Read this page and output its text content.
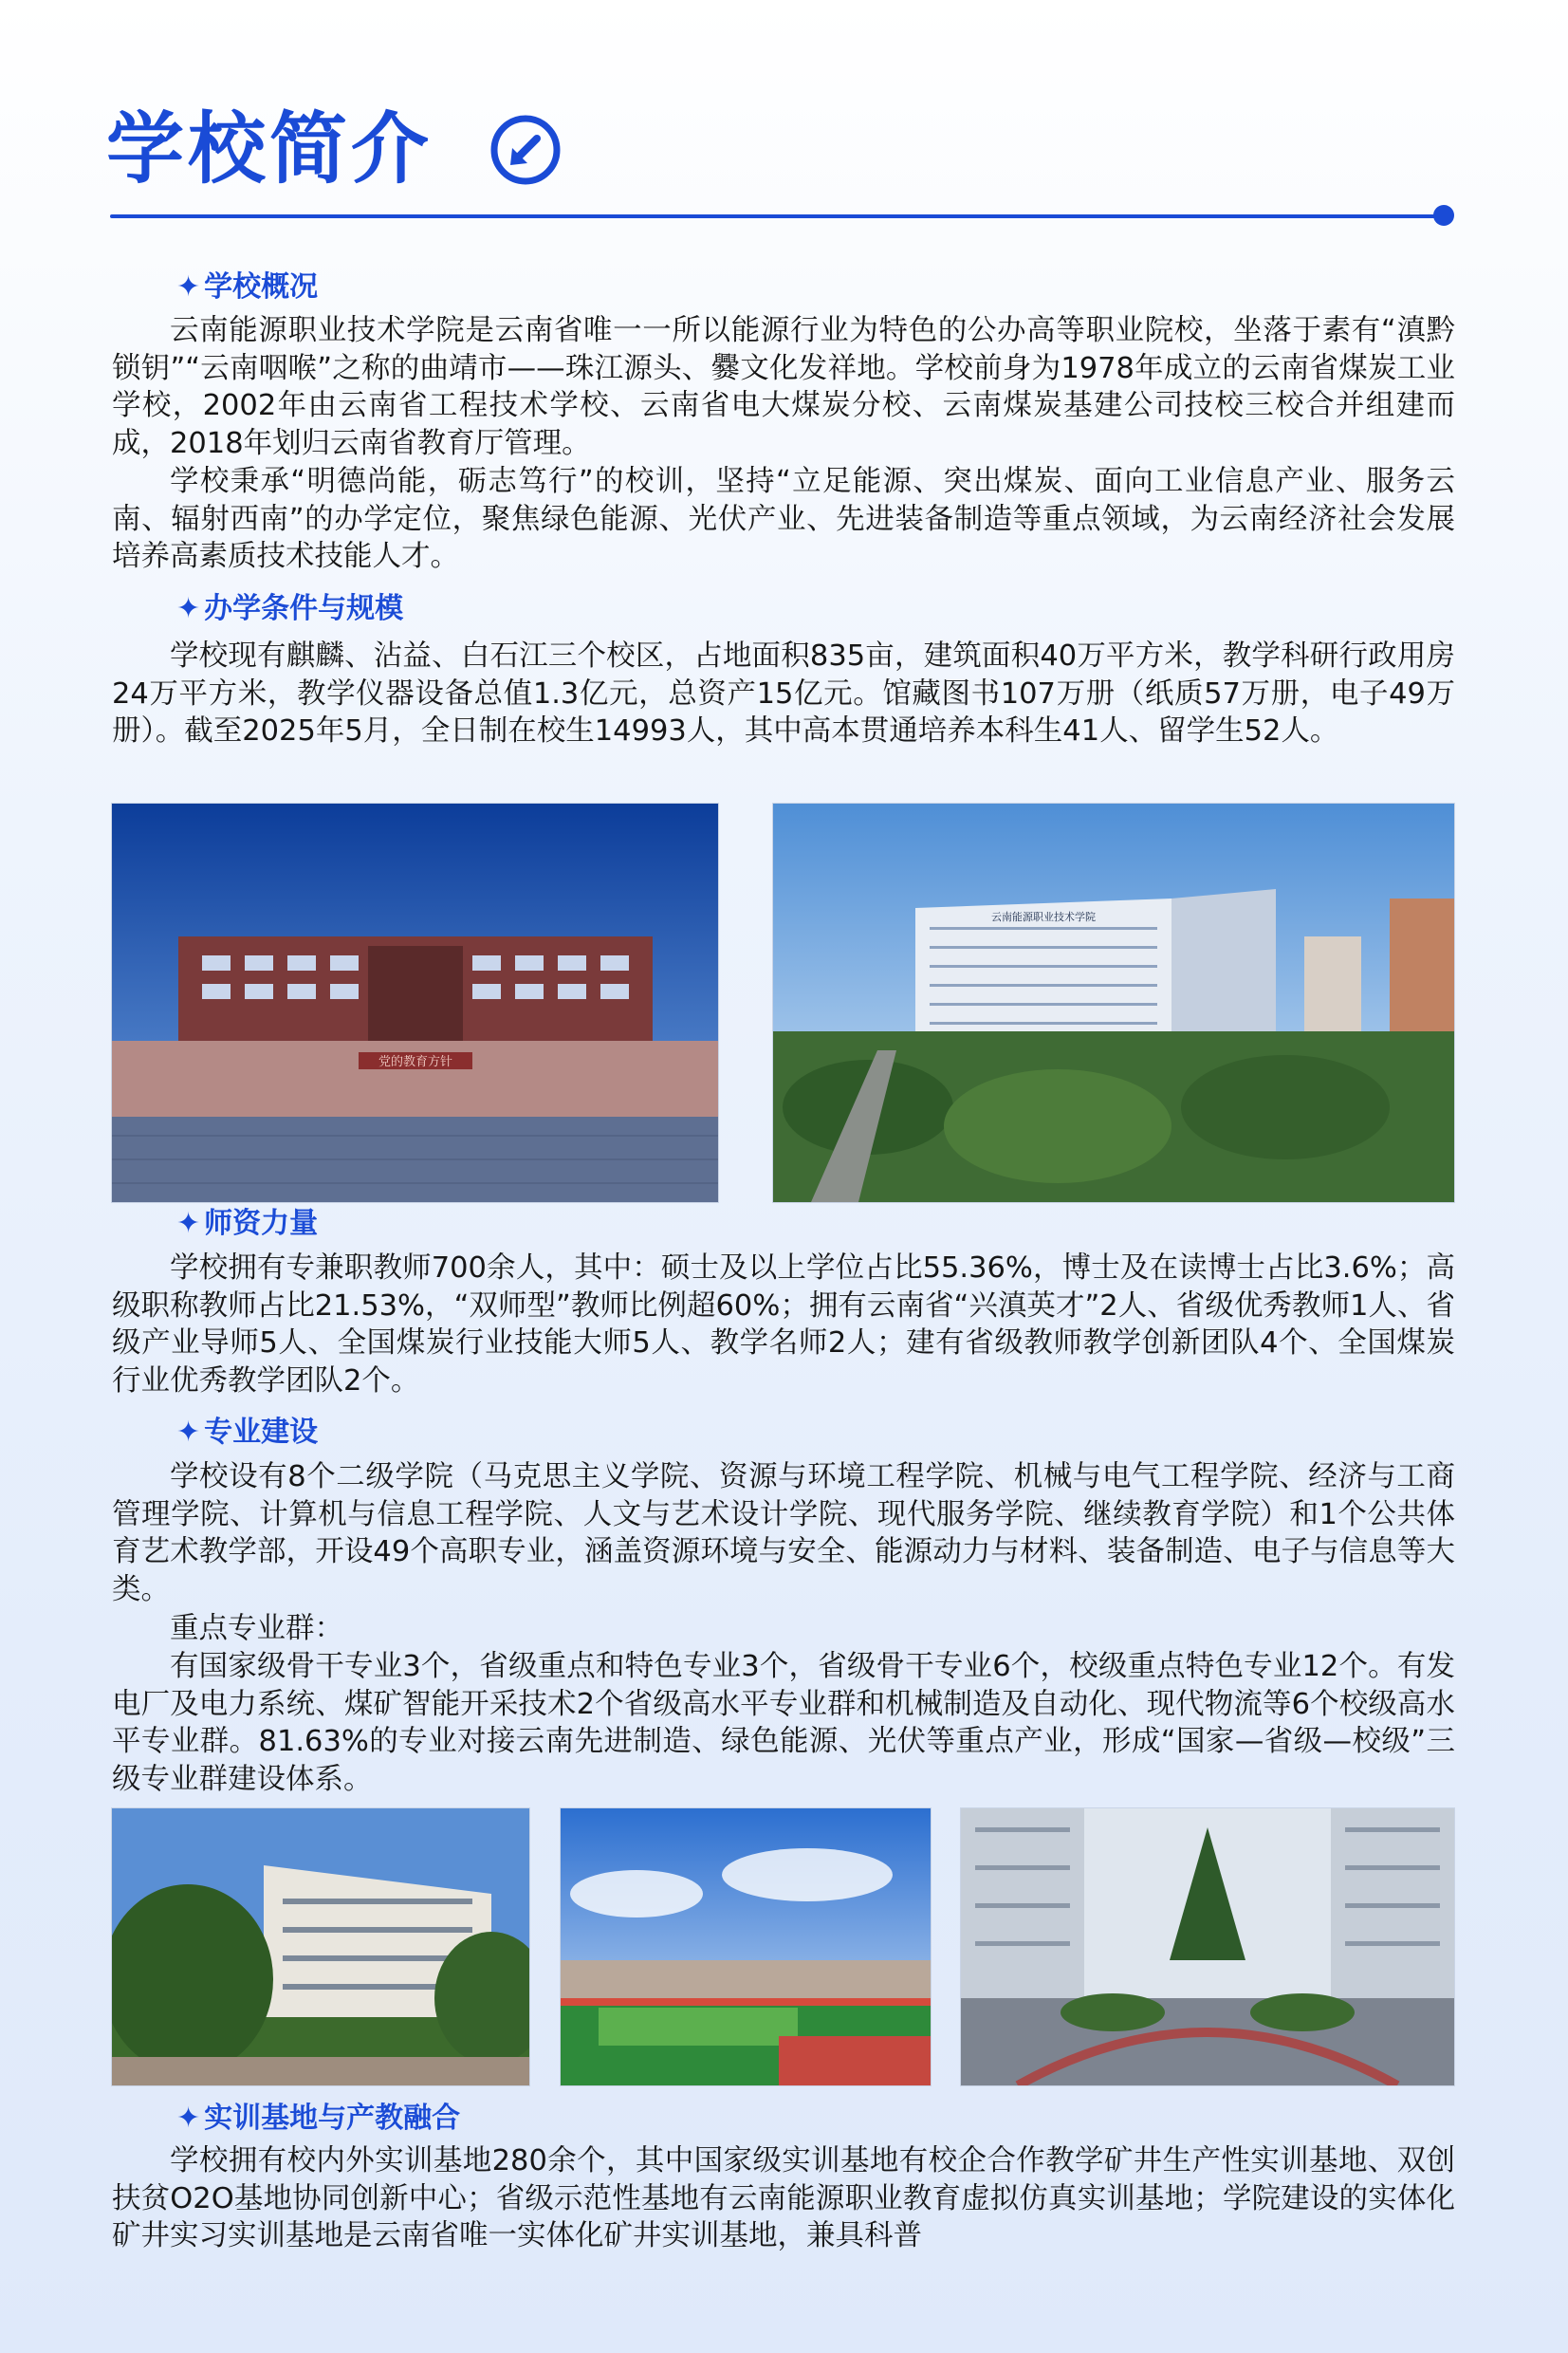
学校简介
✦ 学校概况

云南能源职业技术学院是云南省唯一一所以能源行业为特色的公办高等职业院校，坐落于素有“滇黔锁钥”“云南咽喉”之称的曲靖市——珠江源头、爨文化发祥地。学校前身为1978年成立的云南省煤炭工业学校，2002年由云南省工程技术学校、云南省电大煤炭分校、云南煤炭基建公司技校三校合并组建而成，2018年划归云南省教育厅管理。

学校秉承“明德尚能，砺志笃行”的校训，坚持“立足能源、突出煤炭、面向工业信息产业、服务云南、辐射西南”的办学定位，聚焦绿色能源、光伏产业、先进装备制造等重点领域，为云南经济社会发展培养高素质技术技能人才。

✦ 办学条件与规模

学校现有麒麟、沾益、白石江三个校区，占地面积835亩，建筑面积40万平方米，教学科研行政用房24万平方米，教学仪器设备总值1.3亿元，总资产15亿元。馆藏图书107万册（纸质57万册，电子49万册）。截至2025年5月，全日制在校生14993人，其中高本贯通培养本科生41人、留学生52人。

党的教育方针
云南能源职业技术学院
✦ 师资力量

学校拥有专兼职教师700余人，其中：硕士及以上学位占比55.36%，博士及在读博士占比3.6%；高级职称教师占比21.53%，“双师型”教师比例超60%；拥有云南省“兴滇英才”2人、省级优秀教师1人、省级产业导师5人、全国煤炭行业技能大师5人、教学名师2人；建有省级教师教学创新团队4个、全国煤炭行业优秀教学团队2个。

✦ 专业建设

学校设有8个二级学院（马克思主义学院、资源与环境工程学院、机械与电气工程学院、经济与工商管理学院、计算机与信息工程学院、人文与艺术设计学院、现代服务学院、继续教育学院）和1个公共体育艺术教学部，开设49个高职专业，涵盖资源环境与安全、能源动力与材料、装备制造、电子与信息等大类。

重点专业群：

有国家级骨干专业3个，省级重点和特色专业3个，省级骨干专业6个，校级重点特色专业12个。有发电厂及电力系统、煤矿智能开采技术2个省级高水平专业群和机械制造及自动化、现代物流等6个校级高水平专业群。81.63%的专业对接云南先进制造、绿色能源、光伏等重点产业，形成“国家—省级—校级”三级专业群建设体系。

✦ 实训基地与产教融合

学校拥有校内外实训基地280余个，其中国家级实训基地有校企合作教学矿井生产性实训基地、双创扶贫O2O基地协同创新中心；省级示范性基地有云南能源职业教育虚拟仿真实训基地；学院建设的实体化矿井实习实训基地是云南省唯一实体化矿井实训基地，兼具科普
